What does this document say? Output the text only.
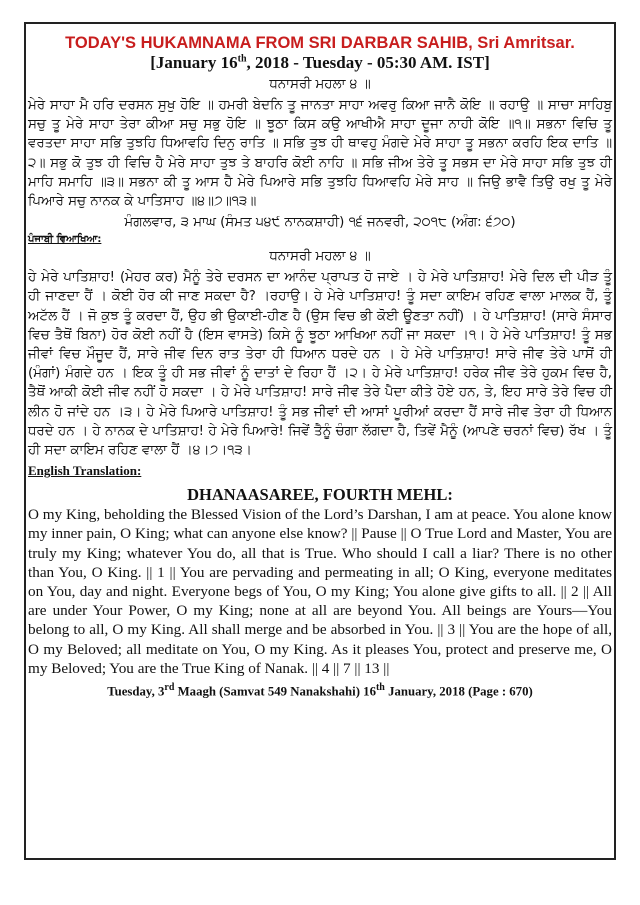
TODAY'S HUKAMNAMA FROM SRI DARBAR SAHIB, Sri Amritsar.
[January 16th, 2018 - Tuesday - 05:30 AM. IST]
ਧਨਾਸਰੀ ਮਹਲਾ ੪ ॥

ਮੇਰੇ ਸਾਹਾ ਮੈ ਹਰਿ ਦਰਸਨ ਸੁਖੁ ਹੋਇ ॥ ਹਮਰੀ ਬੇਦਨਿ ਤੂ ਜਾਨਤਾ ਸਾਹਾ ਅਵਰੁ ਕਿਆ ਜਾਨੈ ਕੋਇ ॥ ਰਹਾਉ ॥ ਸਾਚਾ ਸਾਹਿਬੁ ਸਚੁ ਤੂ ਮੇਰੇ ਸਾਹਾ ਤੇਰਾ ਕੀਆ ਸਚੁ ਸਭੁ ਹੋਇ ॥ ਝੂਠਾ ਕਿਸ ਕਉ ਆਖੀਐ ਸਾਹਾ ਦੂਜਾ ਨਾਹੀ ਕੋਇ ॥੧॥ ਸਭਨਾ ਵਿਚਿ ਤੂ ਵਰਤਦਾ ਸਾਹਾ ਸਭਿ ਤੁਝਹਿ ਧਿਆਵਹਿ ਦਿਨੁ ਰਾਤਿ ॥ ਸਭਿ ਤੁਝ ਹੀ ਥਾਵਹੁ ਮੰਗਦੇ ਮੇਰੇ ਸਾਹਾ ਤੂ ਸਭਨਾ ਕਰਹਿ ਇਕ ਦਾਤਿ ॥੨॥ ਸਭੁ ਕੋ ਤੁਝ ਹੀ ਵਿਚਿ ਹੈ ਮੇਰੇ ਸਾਹਾ ਤੁਝ ਤੇ ਬਾਹਰਿ ਕੋਈ ਨਾਹਿ ॥ ਸਭਿ ਜੀਅ ਤੇਰੇ ਤੂ ਸਭਸ ਦਾ ਮੇਰੇ ਸਾਹਾ ਸਭਿ ਤੁਝ ਹੀ ਮਾਹਿ ਸਮਾਹਿ ॥੩॥ ਸਭਨਾ ਕੀ ਤੂ ਆਸ ਹੈ ਮੇਰੇ ਪਿਆਰੇ ਸਭਿ ਤੁਝਹਿ ਧਿਆਵਹਿ ਮੇਰੇ ਸਾਹ ॥ ਜਿਉ ਭਾਵੈ ਤਿਉ ਰਖੁ ਤੂ ਮੇਰੇ ਪਿਆਰੇ ਸਚੁ ਨਾਨਕ ਕੇ ਪਾਤਿਸਾਹ ॥੪॥੭॥੧੩॥

ਮੰਗਲਵਾਰ, ੩ ਮਾਘ (ਸੰਮਤ ੫੪੯ ਨਾਨਕਸ਼ਾਹੀ) ੧੬ ਜਨਵਰੀ, ੨੦੧੮ (ਅੰਗ: ੬੭੦)
ਪੰਜਾਬੀ ਵਿਆਖਿਆ:
ਧਨਾਸਰੀ ਮਹਲਾ ੪ ॥

ਹੇ ਮੇਰੇ ਪਾਤਿਸ਼ਾਹ! (ਮੇਹਰ ਕਰ) ਮੈਨੂੰ ਤੇਰੇ ਦਰਸਨ ਦਾ ਆਨੰਦ ਪ੍ਰਾਪਤ ਹੋ ਜਾਏ । ਹੇ ਮੇਰੇ ਪਾਤਿਸ਼ਾਹ! ਮੇਰੇ ਦਿਲ ਦੀ ਪੀੜ ਤੂੰ ਹੀ ਜਾਣਦਾ ਹੈਂ । ਕੋਈ ਹੋਰ ਕੀ ਜਾਣ ਸਕਦਾ ਹੈ? ।ਰਹਾਉ। ਹੇ ਮੇਰੇ ਪਾਤਿਸ਼ਾਹ! ਤੂੰ ਸਦਾ ਕਾਇਮ ਰਹਿਣ ਵਾਲਾ ਮਾਲਕ ਹੈਂ, ਤੂੰ ਅਟੱਲ ਹੈਂ । ਜੋ ਕੁਝ ਤੂੰ ਕਰਦਾ ਹੈਂ, ਉਹ ਭੀ ਉਕਾਈ-ਹੀਣ ਹੈ (ਉਸ ਵਿਚ ਭੀ ਕੋਈ ਊਣਤਾ ਨਹੀਂ) । ਹੇ ਪਾਤਿਸ਼ਾਹ! (ਸਾਰੇ ਸੰਸਾਰ ਵਿਚ ਤੈਥੋਂ ਬਿਨਾ) ਹੋਰ ਕੋਈ ਨਹੀਂ ਹੈ (ਇਸ ਵਾਸਤੇ) ਕਿਸੇ ਨੂੰ ਝੂਠਾ ਆਖਿਆ ਨਹੀਂ ਜਾ ਸਕਦਾ ।੧। ਹੇ ਮੇਰੇ ਪਾਤਿਸ਼ਾਹ! ਤੂੰ ਸਭ ਜੀਵਾਂ ਵਿਚ ਮੌਜੂਦ ਹੈਂ, ਸਾਰੇ ਜੀਵ ਦਿਨ ਰਾਤ ਤੇਰਾ ਹੀ ਧਿਆਨ ਧਰਦੇ ਹਨ । ਹੇ ਮੇਰੇ ਪਾਤਿਸ਼ਾਹ! ਸਾਰੇ ਜੀਵ ਤੇਰੇ ਪਾਸੋਂ ਹੀ (ਮੰਗਾਂ) ਮੰਗਦੇ ਹਨ । ਇਕ ਤੂੰ ਹੀ ਸਭ ਜੀਵਾਂ ਨੂੰ ਦਾਤਾਂ ਦੇ ਰਿਹਾ ਹੈਂ ।੨। ਹੇ ਮੇਰੇ ਪਾਤਿਸ਼ਾਹ! ਹਰੇਕ ਜੀਵ ਤੇਰੇ ਹੁਕਮ ਵਿਚ ਹੈ, ਤੈਥੋਂ ਆਕੀ ਕੋਈ ਜੀਵ ਨਹੀਂ ਹੋ ਸਕਦਾ । ਹੇ ਮੇਰੇ ਪਾਤਿਸ਼ਾਹ! ਸਾਰੇ ਜੀਵ ਤੇਰੇ ਪੈਦਾ ਕੀਤੇ ਹੋਏ ਹਨ, ਤੇ, ਇਹ ਸਾਰੇ ਤੇਰੇ ਵਿਚ ਹੀ ਲੀਨ ਹੋ ਜਾਂਦੇ ਹਨ ।੩। ਹੇ ਮੇਰੇ ਪਿਆਰੇ ਪਾਤਿਸ਼ਾਹ! ਤੂੰ ਸਭ ਜੀਵਾਂ ਦੀ ਆਸਾਂ ਪੂਰੀਆਂ ਕਰਦਾ ਹੈਂ ਸਾਰੇ ਜੀਵ ਤੇਰਾ ਹੀ ਧਿਆਨ ਧਰਦੇ ਹਨ । ਹੇ ਨਾਨਕ ਦੇ ਪਾਤਿਸ਼ਾਹ! ਹੇ ਮੇਰੇ ਪਿਆਰੇ! ਜਿਵੇਂ ਤੈਨੂੰ ਚੰਗਾ ਲੱਗਦਾ ਹੈ, ਤਿਵੇਂ ਮੈਨੂੰ (ਆਪਣੇ ਚਰਨਾਂ ਵਿਚ) ਰੱਖ । ਤੂੰ ਹੀ ਸਦਾ ਕਾਇਮ ਰਹਿਣ ਵਾਲਾ ਹੈਂ ।੪।੭।੧੩।

English Translation:
DHANAASAREE, FOURTH MEHL:

O my King, beholding the Blessed Vision of the Lord’s Darshan, I am at peace. You alone know my inner pain, O King; what can anyone else know? || Pause || O True Lord and Master, You are truly my King; whatever You do, all that is True. Who should I call a liar? There is no other than You, O King. || 1 || You are pervading and permeating in all; O King, everyone meditates on You, day and night. Everyone begs of You, O my King; You alone give gifts to all. || 2 || All are under Your Power, O my King; none at all are beyond You. All beings are Yours—You belong to all, O my King. All shall merge and be absorbed in You. || 3 || You are the hope of all, O my Beloved; all meditate on You, O my King. As it pleases You, protect and preserve me, O my Beloved; You are the True King of Nanak. || 4 || 7 || 13 ||

Tuesday, 3rd Maagh (Samvat 549 Nanakshahi) 16th January, 2018 (Page : 670)
